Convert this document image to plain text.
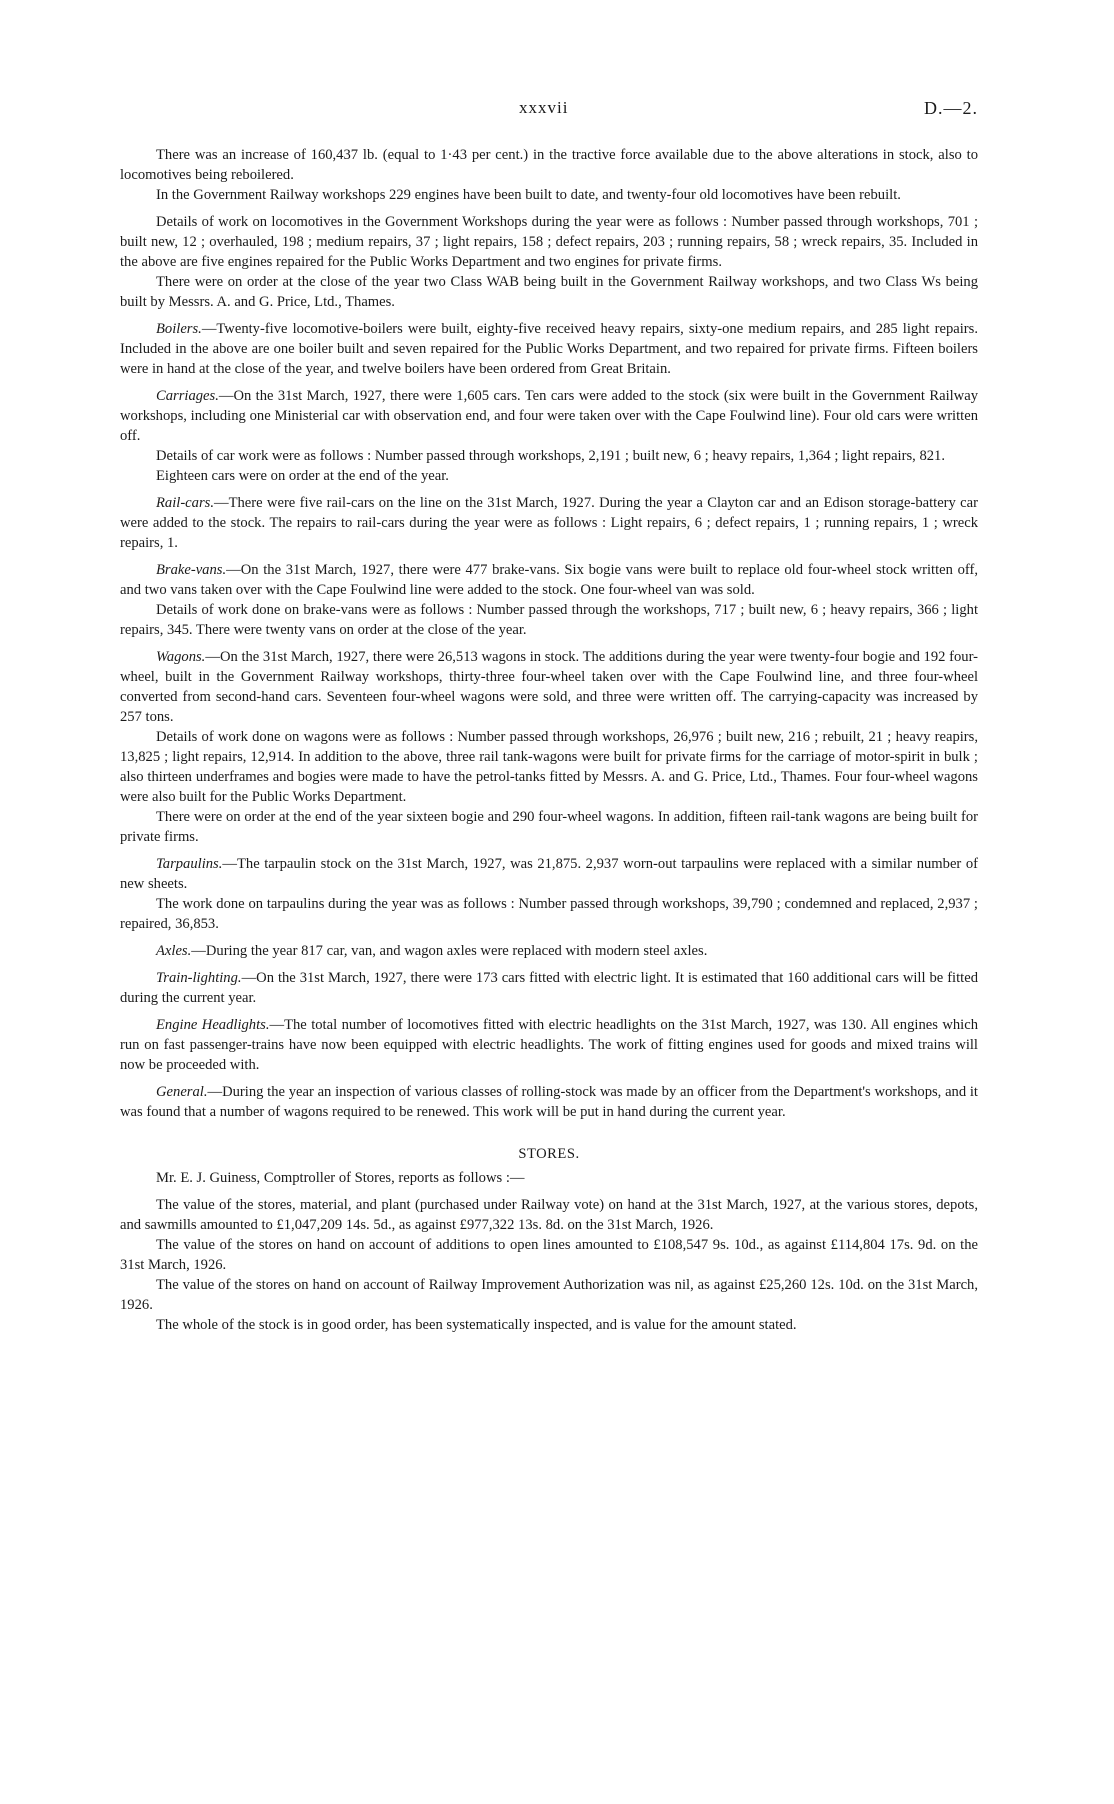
xxxvii	D.—2.

There was an increase of 160,437 lb. (equal to 1·43 per cent.) in the tractive force available due to the above alterations in stock, also to locomotives being reboilered.

In the Government Railway workshops 229 engines have been built to date, and twenty-four old locomotives have been rebuilt.

Details of work on locomotives in the Government Workshops during the year were as follows : Number passed through workshops, 701 ; built new, 12 ; overhauled, 198 ; medium repairs, 37 ; light repairs, 158 ; defect repairs, 203 ; running repairs, 58 ; wreck repairs, 35. Included in the above are five engines repaired for the Public Works Department and two engines for private firms.

There were on order at the close of the year two Class WAB being built in the Government Railway workshops, and two Class Ws being built by Messrs. A. and G. Price, Ltd., Thames.

Boilers.—Twenty-five locomotive-boilers were built, eighty-five received heavy repairs, sixty-one medium repairs, and 285 light repairs. Included in the above are one boiler built and seven repaired for the Public Works Department, and two repaired for private firms. Fifteen boilers were in hand at the close of the year, and twelve boilers have been ordered from Great Britain.

Carriages.—On the 31st March, 1927, there were 1,605 cars. Ten cars were added to the stock (six were built in the Government Railway workshops, including one Ministerial car with observation end, and four were taken over with the Cape Foulwind line). Four old cars were written off.

Details of car work were as follows : Number passed through workshops, 2,191 ; built new, 6 ; heavy repairs, 1,364 ; light repairs, 821.

Eighteen cars were on order at the end of the year.

Rail-cars.—There were five rail-cars on the line on the 31st March, 1927. During the year a Clayton car and an Edison storage-battery car were added to the stock. The repairs to rail-cars during the year were as follows : Light repairs, 6 ; defect repairs, 1 ; running repairs, 1 ; wreck repairs, 1.

Brake-vans.—On the 31st March, 1927, there were 477 brake-vans. Six bogie vans were built to replace old four-wheel stock written off, and two vans taken over with the Cape Foulwind line were added to the stock. One four-wheel van was sold.

Details of work done on brake-vans were as follows : Number passed through the workshops, 717 ; built new, 6 ; heavy repairs, 366 ; light repairs, 345. There were twenty vans on order at the close of the year.

Wagons.—On the 31st March, 1927, there were 26,513 wagons in stock. The additions during the year were twenty-four bogie and 192 four-wheel, built in the Government Railway workshops, thirty-three four-wheel taken over with the Cape Foulwind line, and three four-wheel converted from second-hand cars. Seventeen four-wheel wagons were sold, and three were written off. The carrying-capacity was increased by 257 tons.

Details of work done on wagons were as follows : Number passed through workshops, 26,976 ; built new, 216 ; rebuilt, 21 ; heavy reapirs, 13,825 ; light repairs, 12,914. In addition to the above, three rail tank-wagons were built for private firms for the carriage of motor-spirit in bulk ; also thirteen underframes and bogies were made to have the petrol-tanks fitted by Messrs. A. and G. Price, Ltd., Thames. Four four-wheel wagons were also built for the Public Works Department.

There were on order at the end of the year sixteen bogie and 290 four-wheel wagons. In addition, fifteen rail-tank wagons are being built for private firms.

Tarpaulins.—The tarpaulin stock on the 31st March, 1927, was 21,875. 2,937 worn-out tarpaulins were replaced with a similar number of new sheets.

The work done on tarpaulins during the year was as follows : Number passed through workshops, 39,790 ; condemned and replaced, 2,937 ; repaired, 36,853.

Axles.—During the year 817 car, van, and wagon axles were replaced with modern steel axles.

Train-lighting.—On the 31st March, 1927, there were 173 cars fitted with electric light. It is estimated that 160 additional cars will be fitted during the current year.

Engine Headlights.—The total number of locomotives fitted with electric headlights on the 31st March, 1927, was 130. All engines which run on fast passenger-trains have now been equipped with electric headlights. The work of fitting engines used for goods and mixed trains will now be proceeded with.

General.—During the year an inspection of various classes of rolling-stock was made by an officer from the Department's workshops, and it was found that a number of wagons required to be renewed. This work will be put in hand during the current year.

STORES.

Mr. E. J. Guiness, Comptroller of Stores, reports as follows :—

The value of the stores, material, and plant (purchased under Railway vote) on hand at the 31st March, 1927, at the various stores, depots, and sawmills amounted to £1,047,209 14s. 5d., as against £977,322 13s. 8d. on the 31st March, 1926.

The value of the stores on hand on account of additions to open lines amounted to £108,547 9s. 10d., as against £114,804 17s. 9d. on the 31st March, 1926.

The value of the stores on hand on account of Railway Improvement Authorization was nil, as against £25,260 12s. 10d. on the 31st March, 1926.

The whole of the stock is in good order, has been systematically inspected, and is value for the amount stated.
